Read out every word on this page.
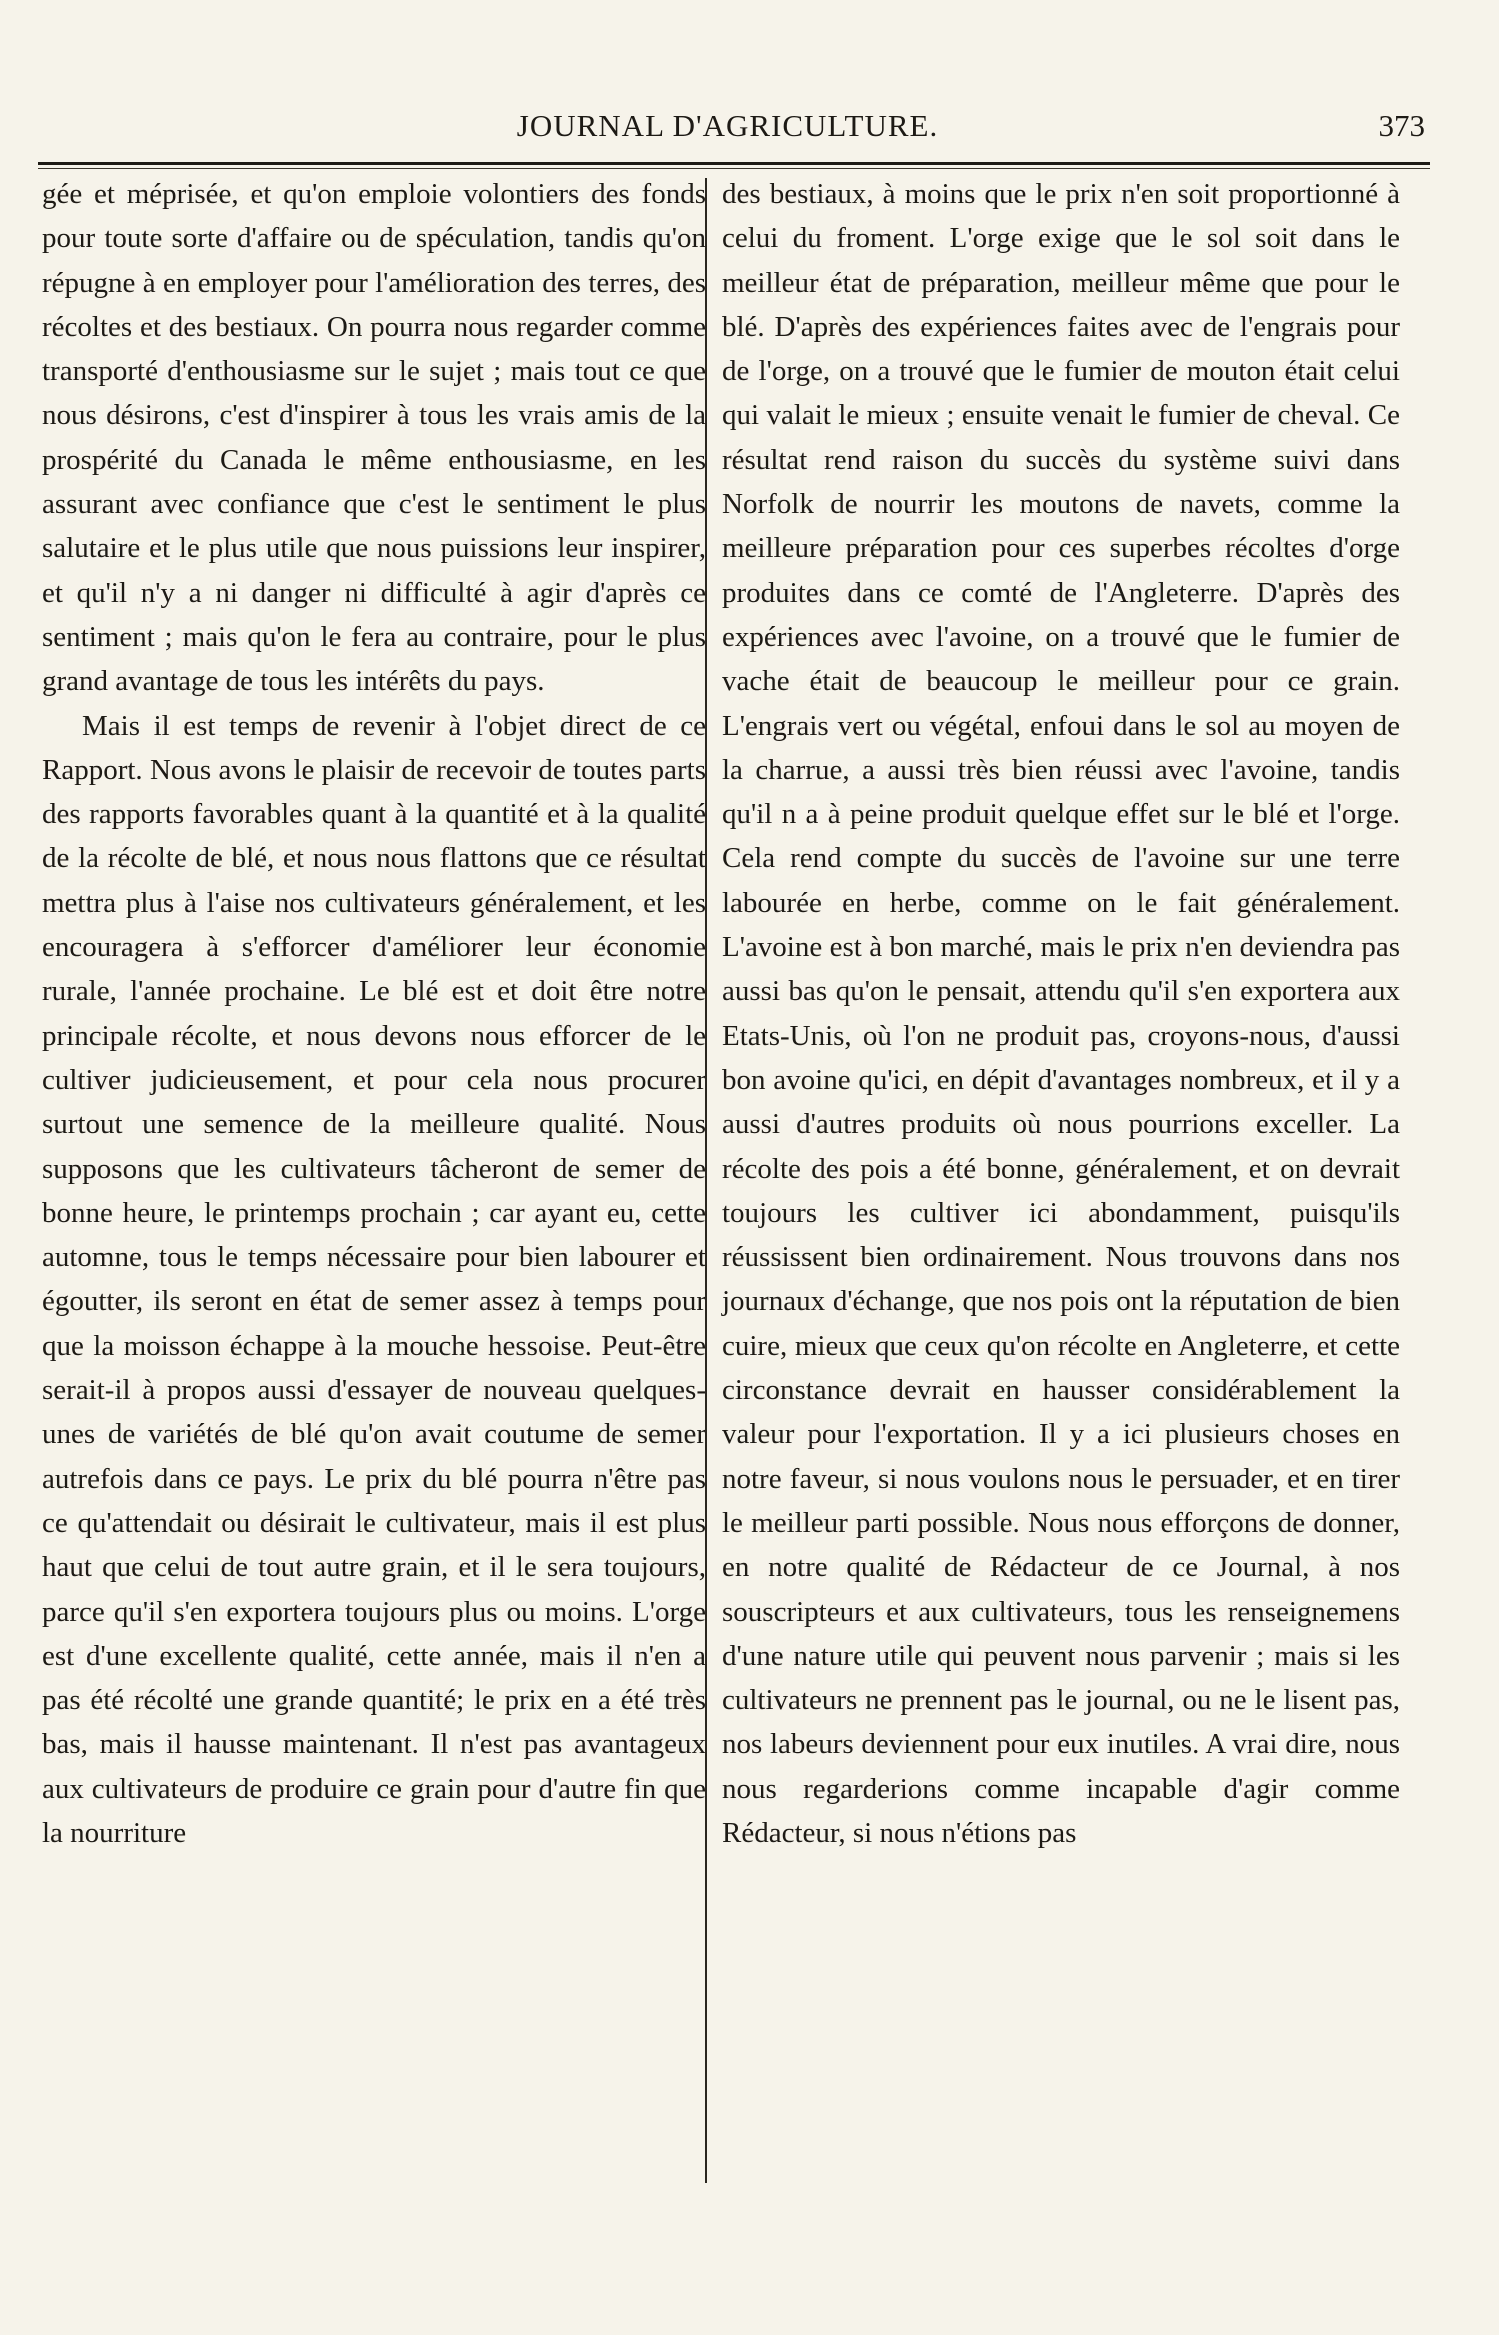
JOURNAL D'AGRICULTURE.	373

gée et méprisée, et qu'on emploie volontiers des fonds pour toute sorte d'affaire ou de spéculation, tandis qu'on répugne à en employer pour l'amélioration des terres, des récoltes et des bestiaux. On pourra nous regarder comme transporté d'enthousiasme sur le sujet ; mais tout ce que nous désirons, c'est d'inspirer à tous les vrais amis de la prospérité du Canada le même enthousiasme, en les assurant avec confiance que c'est le sentiment le plus salutaire et le plus utile que nous puissions leur inspirer, et qu'il n'y a ni danger ni difficulté à agir d'après ce sentiment ; mais qu'on le fera au contraire, pour le plus grand avantage de tous les intérêts du pays.

Mais il est temps de revenir à l'objet direct de ce Rapport. Nous avons le plaisir de recevoir de toutes parts des rapports favorables quant à la quantité et à la qualité de la récolte de blé, et nous nous flattons que ce résultat mettra plus à l'aise nos cultivateurs généralement, et les encouragera à s'efforcer d'améliorer leur économie rurale, l'année prochaine. Le blé est et doit être notre principale récolte, et nous devons nous efforcer de le cultiver judicieusement, et pour cela nous procurer surtout une semence de la meilleure qualité. Nous supposons que les cultivateurs tâcheront de semer de bonne heure, le printemps prochain ; car ayant eu, cette automne, tous le temps nécessaire pour bien labourer et égoutter, ils seront en état de semer assez à temps pour que la moisson échappe à la mouche hessoise. Peut-être serait-il à propos aussi d'essayer de nouveau quelques-unes de variétés de blé qu'on avait coutume de semer autrefois dans ce pays. Le prix du blé pourra n'être pas ce qu'attendait ou désirait le cultivateur, mais il est plus haut que celui de tout autre grain, et il le sera toujours, parce qu'il s'en exportera toujours plus ou moins. L'orge est d'une excellente qualité, cette année, mais il n'en a pas été récolté une grande quantité; le prix en a été très bas, mais il hausse maintenant. Il n'est pas avantageux aux cultivateurs de produire ce grain pour d'autre fin que la nourriture

des bestiaux, à moins que le prix n'en soit proportionné à celui du froment. L'orge exige que le sol soit dans le meilleur état de préparation, meilleur même que pour le blé. D'après des expériences faites avec de l'engrais pour de l'orge, on a trouvé que le fumier de mouton était celui qui valait le mieux ; ensuite venait le fumier de cheval. Ce résultat rend raison du succès du système suivi dans Norfolk de nourrir les moutons de navets, comme la meilleure préparation pour ces superbes récoltes d'orge produites dans ce comté de l'Angleterre. D'après des expériences avec l'avoine, on a trouvé que le fumier de vache était de beaucoup le meilleur pour ce grain. L'engrais vert ou végétal, enfoui dans le sol au moyen de la charrue, a aussi très bien réussi avec l'avoine, tandis qu'il n a à peine produit quelque effet sur le blé et l'orge. Cela rend compte du succès de l'avoine sur une terre labourée en herbe, comme on le fait généralement. L'avoine est à bon marché, mais le prix n'en deviendra pas aussi bas qu'on le pensait, attendu qu'il s'en exportera aux Etats-Unis, où l'on ne produit pas, croyons-nous, d'aussi bon avoine qu'ici, en dépit d'avantages nombreux, et il y a aussi d'autres produits où nous pourrions exceller. La récolte des pois a été bonne, généralement, et on devrait toujours les cultiver ici abondamment, puisqu'ils réussissent bien ordinairement. Nous trouvons dans nos journaux d'échange, que nos pois ont la réputation de bien cuire, mieux que ceux qu'on récolte en Angleterre, et cette circonstance devrait en hausser considérablement la valeur pour l'exportation. Il y a ici plusieurs choses en notre faveur, si nous voulons nous le persuader, et en tirer le meilleur parti possible. Nous nous efforçons de donner, en notre qualité de Rédacteur de ce Journal, à nos souscripteurs et aux cultivateurs, tous les renseignemens d'une nature utile qui peuvent nous parvenir ; mais si les cultivateurs ne prennent pas le journal, ou ne le lisent pas, nos labeurs deviennent pour eux inutiles. A vrai dire, nous nous regarderions comme incapable d'agir comme Rédacteur, si nous n'étions pas
